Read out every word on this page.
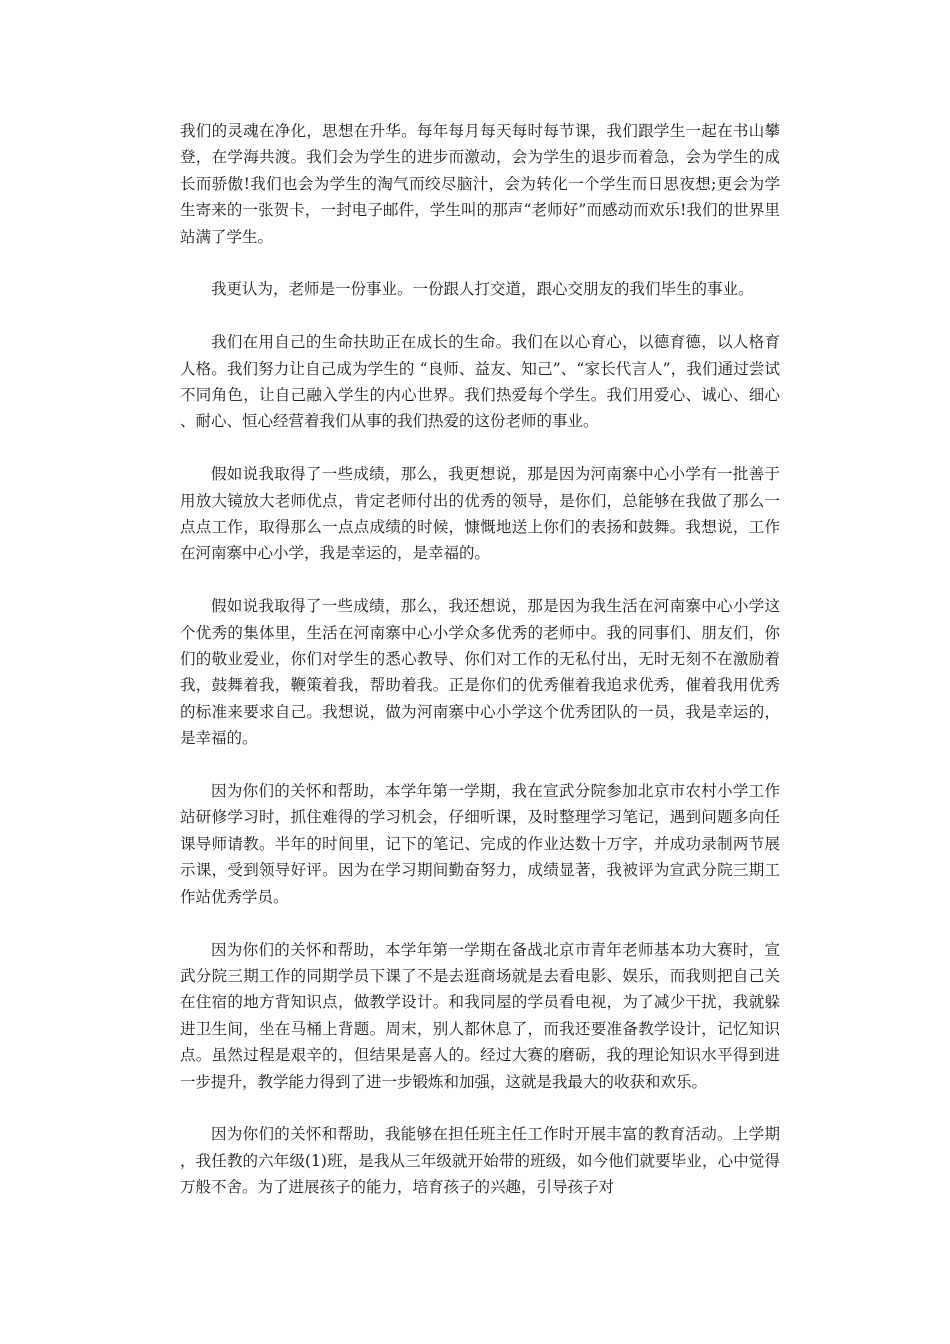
我们的灵魂在净化，思想在升华。每年每月每天每时每节课，我们跟学生一起在书山攀登，在学海共渡。我们会为学生的进步而激动，会为学生的退步而着急，会为学生的成长而骄傲!我们也会为学生的淘气而绞尽脑汁，会为转化一个学生而日思夜想;更会为学生寄来的一张贺卡，一封电子邮件，学生叫的那声“老师好”而感动而欢乐!我们的世界里站满了学生。

我更认为，老师是一份事业。一份跟人打交道，跟心交朋友的我们毕生的事业。

我们在用自己的生命扶助正在成长的生命。我们在以心育心，以德育德，以人格育人格。我们努力让自己成为学生的 “良师、益友、知己”、“家长代言人”，我们通过尝试不同角色，让自己融入学生的内心世界。我们热爱每个学生。我们用爱心、诚心、细心、耐心、恒心经营着我们从事的我们热爱的这份老师的事业。

假如说我取得了一些成绩，那么，我更想说，那是因为河南寨中心小学有一批善于用放大镜放大老师优点，肯定老师付出的优秀的领导，是你们，总能够在我做了那么一点点工作，取得那么一点点成绩的时候，慷慨地送上你们的表扬和鼓舞。我想说，工作在河南寨中心小学，我是幸运的，是幸福的。

假如说我取得了一些成绩，那么，我还想说，那是因为我生活在河南寨中心小学这个优秀的集体里，生活在河南寨中心小学众多优秀的老师中。我的同事们、朋友们，你们的敬业爱业，你们对学生的悉心教导、你们对工作的无私付出，无时无刻不在激励着我，鼓舞着我，鞭策着我，帮助着我。正是你们的优秀催着我追求优秀，催着我用优秀的标准来要求自己。我想说，做为河南寨中心小学这个优秀团队的一员，我是幸运的，是幸福的。

因为你们的关怀和帮助，本学年第一学期，我在宣武分院参加北京市农村小学工作站研修学习时，抓住难得的学习机会，仔细听课，及时整理学习笔记，遇到问题多向任课导师请教。半年的时间里，记下的笔记、完成的作业达数十万字，并成功录制两节展示课，受到领导好评。因为在学习期间勤奋努力，成绩显著，我被评为宣武分院三期工作站优秀学员。

因为你们的关怀和帮助，本学年第一学期在备战北京市青年老师基本功大赛时，宣武分院三期工作的同期学员下课了不是去逛商场就是去看电影、娱乐，而我则把自己关在住宿的地方背知识点，做教学设计。和我同屋的学员看电视，为了减少干扰，我就躲进卫生间，坐在马桶上背题。周末，别人都休息了，而我还要准备教学设计，记忆知识点。虽然过程是艰辛的，但结果是喜人的。经过大赛的磨砺，我的理论知识水平得到进一步提升，教学能力得到了进一步锻炼和加强，这就是我最大的收获和欢乐。

因为你们的关怀和帮助，我能够在担任班主任工作时开展丰富的教育活动。上学期，我任教的六年级(1)班，是我从三年级就开始带的班级，如今他们就要毕业，心中觉得万般不舍。为了进展孩子的能力，培育孩子的兴趣，引导孩子对
